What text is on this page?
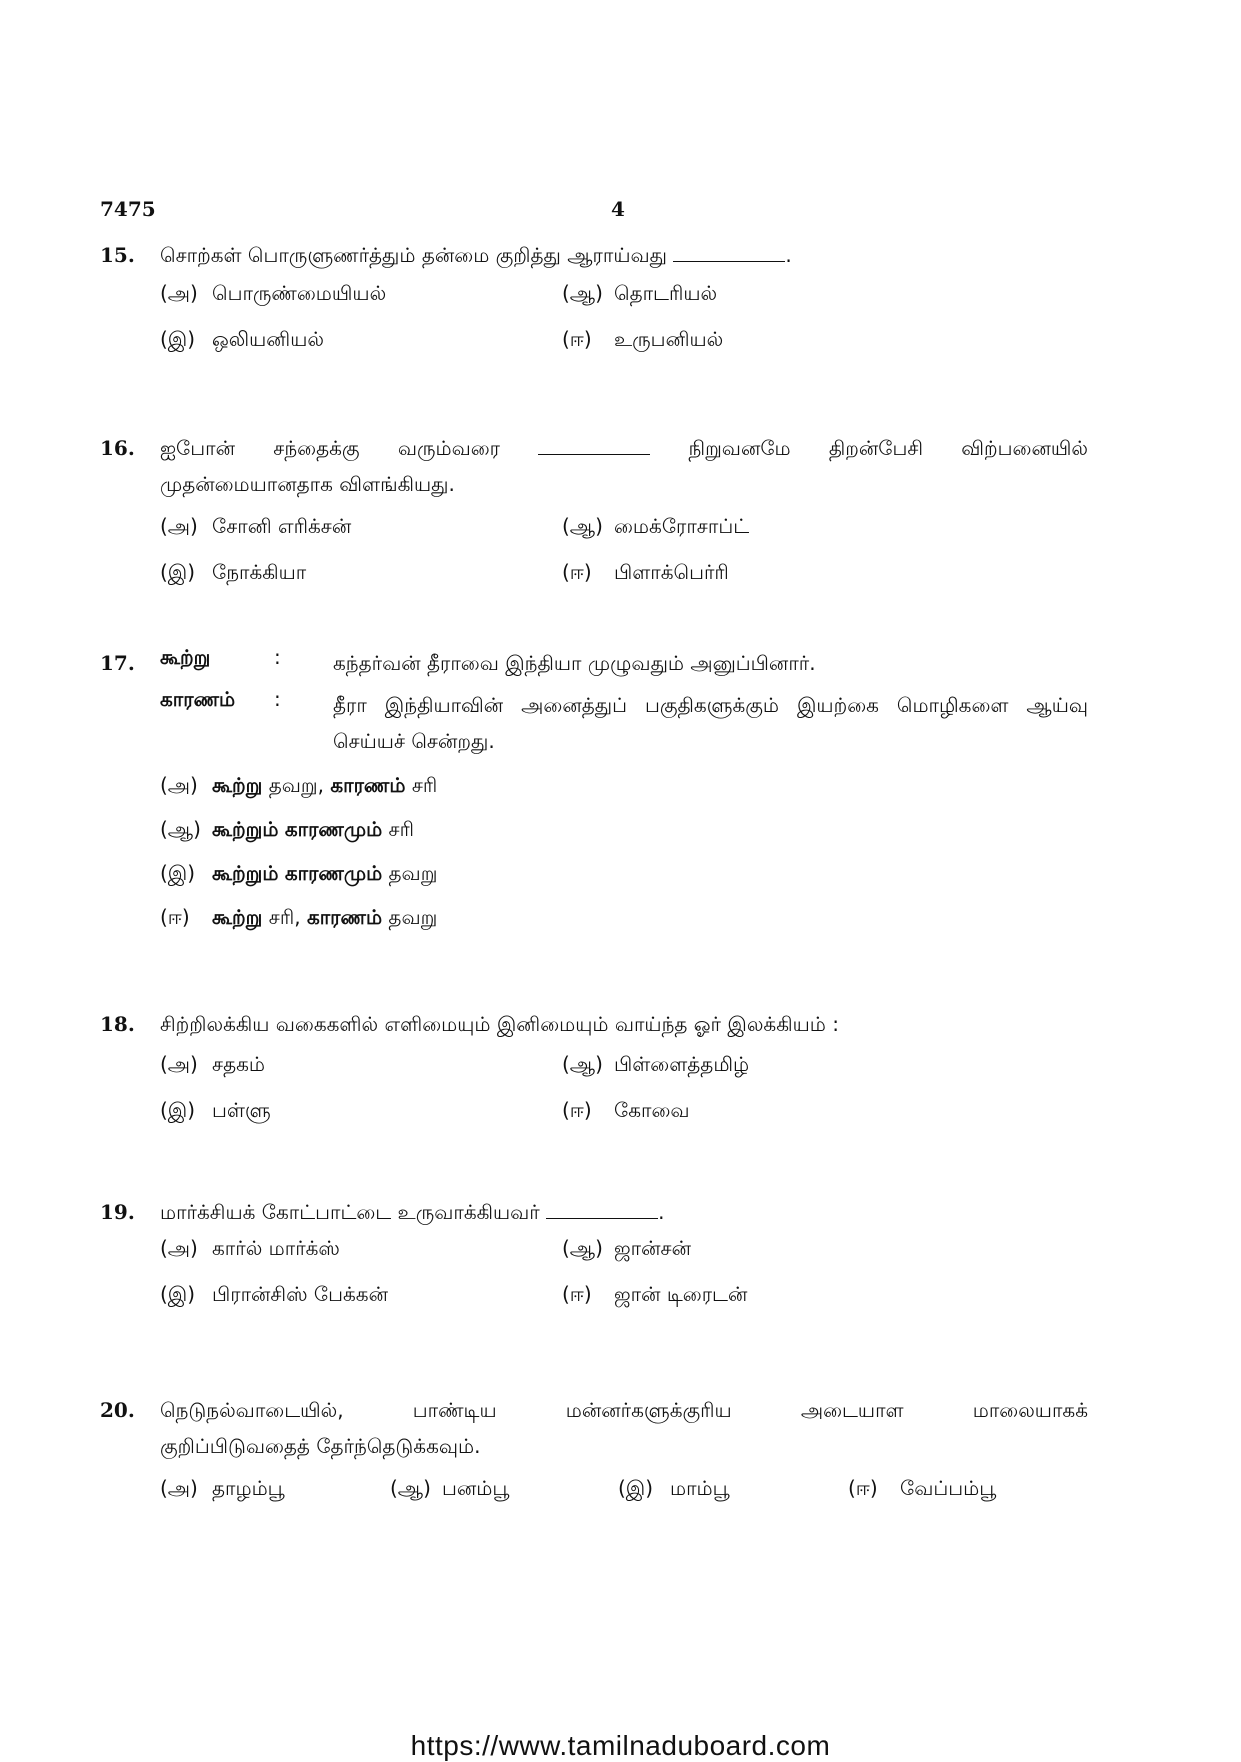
7475	4
15. சொற்கள் பொருளுணர்த்தும் தன்மை குறித்து ஆராய்வது	.
(அ) பொருண்மையியல்	(ஆ) தொடரியல்
(இ) ஒலியனியல்	(ஈ) உருபனியல்
16. ஐபோன் சந்தைக்கு வரும்வரை	நிறுவனமே திறன்பேசி விற்பனையில்
முதன்மையானதாக விளங்கியது.
(அ) சோனி எரிக்சன்	(ஆ) மைக்ரோசாப்ட்
(இ) நோக்கியா	(ஈ) பிளாக்பெர்ரி
17. கூற்று	:	கந்தர்வன் தீராவை இந்தியா முழுவதும் அனுப்பினார்.
காரணம் :	தீரா இந்தியாவின் அனைத்துப் பகுதிகளுக்கும் இயற்கை மொழிகளை ஆய்வு செய்யச் சென்றது.
(அ) கூற்று தவறு, காரணம் சரி
(ஆ) கூற்றும் காரணமும் சரி
(இ) கூற்றும் காரணமும் தவறு
(ஈ) கூற்று சரி, காரணம் தவறு
18. சிற்றிலக்கிய வகைகளில் எளிமையும் இனிமையும் வாய்ந்த ஓர் இலக்கியம் :
(அ) சதகம்	(ஆ) பிள்ளைத்தமிழ்
(இ) பள்ளு	(ஈ) கோவை
19. மார்க்சியக் கோட்பாட்டை உருவாக்கியவர்	.
(அ) கார்ல் மார்க்ஸ்	(ஆ) ஜான்சன்
(இ) பிரான்சிஸ் பேக்கன்	(ஈ) ஜான் டிரைடன்
20. நெடுநல்வாடையில், பாண்டிய மன்னர்களுக்குரிய அடையாள மாலையாகக்
குறிப்பிடுவதைத் தேர்ந்தெடுக்கவும்.
(அ) தாழம்பூ	(ஆ) பனம்பூ	(இ) மாம்பூ	(ஈ) வேப்பம்பூ
https://www.tamilnaduboard.com
